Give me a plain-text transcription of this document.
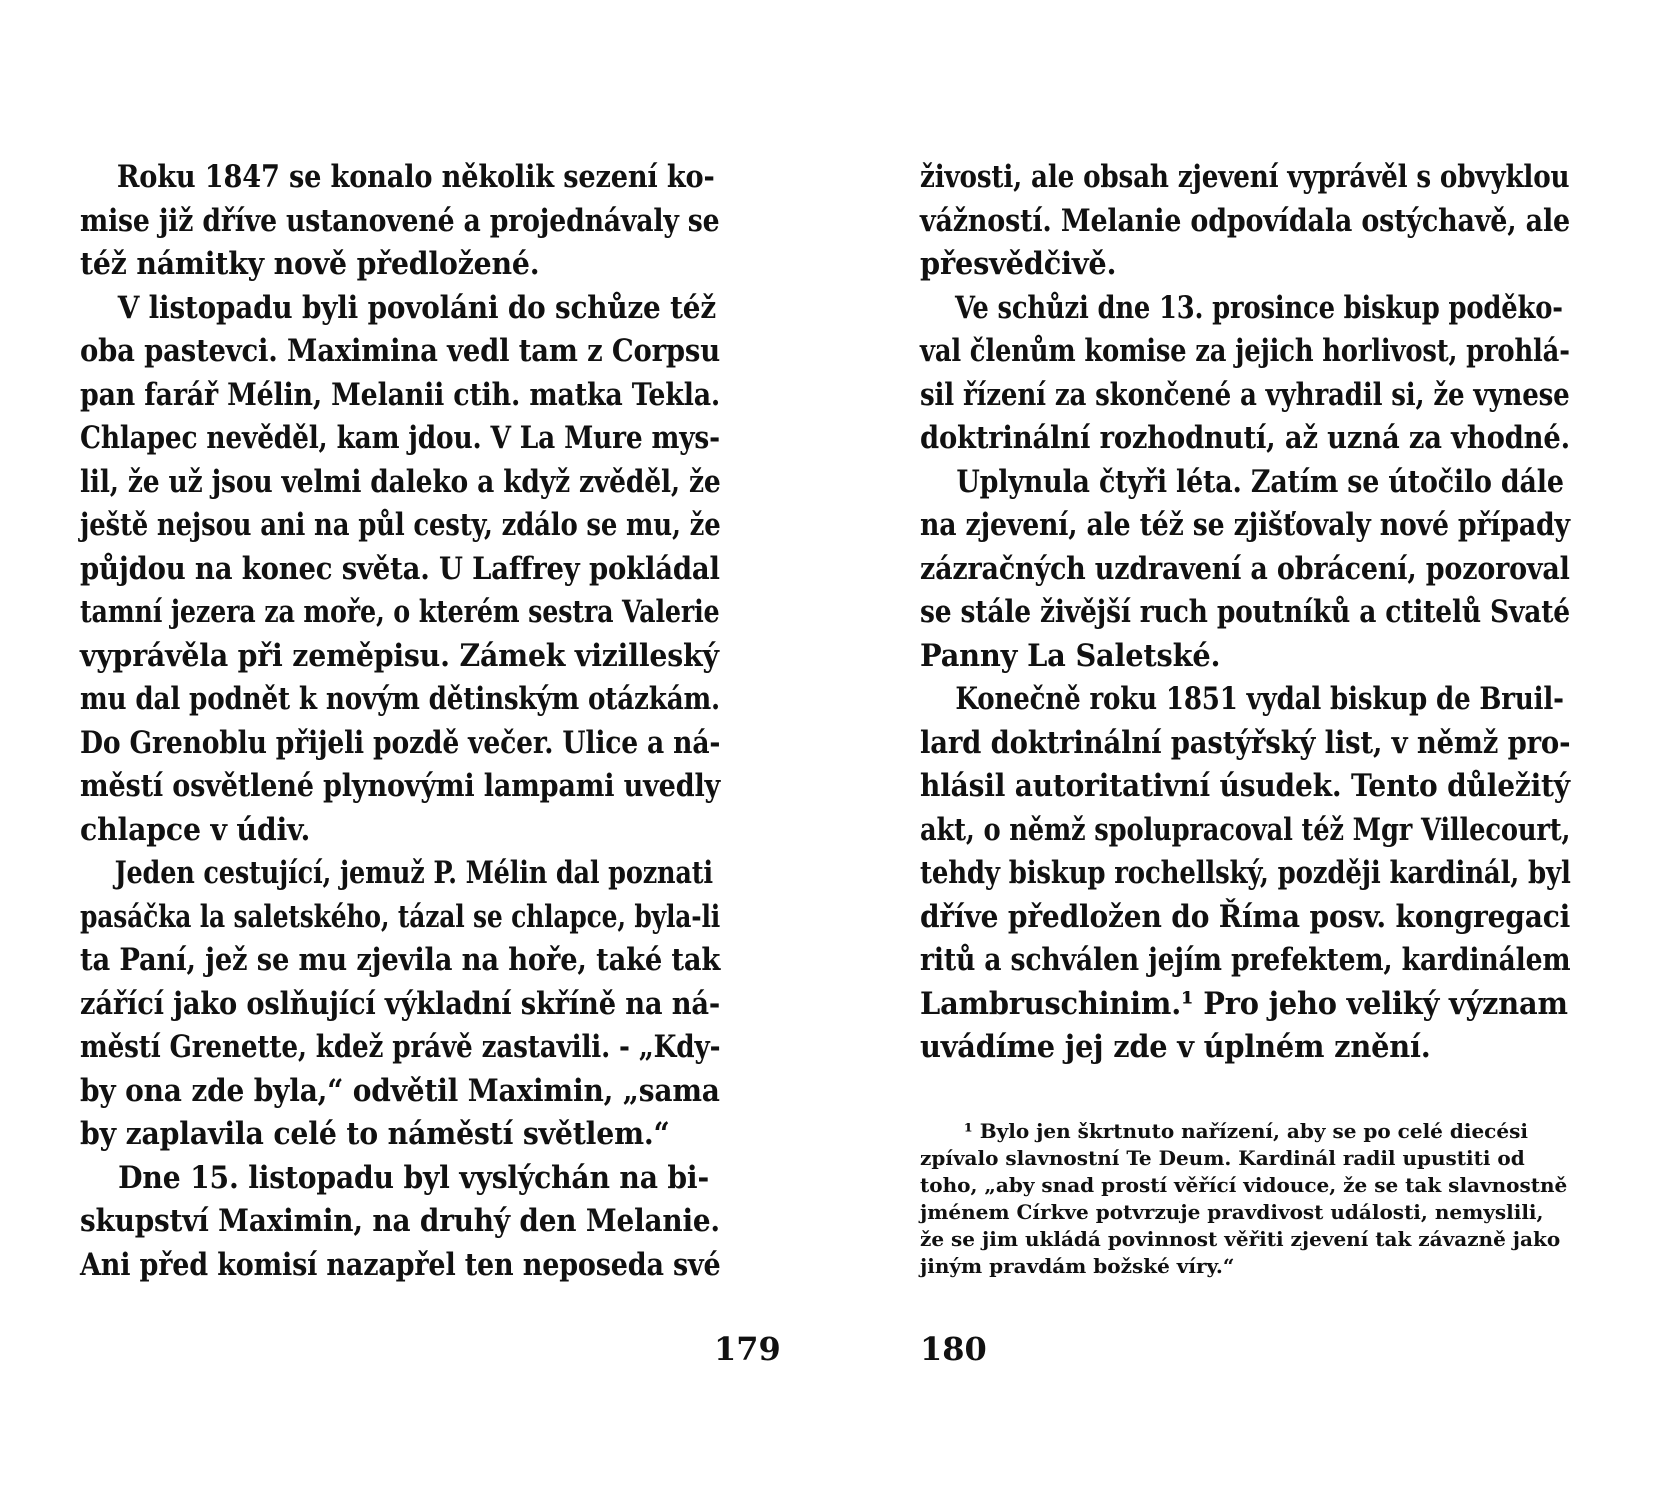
Roku 1847 se konalo několik sezení ko-
mise již dříve ustanovené a projednávaly se
též námitky nově předložené.
V listopadu byli povoláni do schůze též
oba pastevci. Maximina vedl tam z Corpsu
pan farář Mélin, Melanii ctih. matka Tekla.
Chlapec nevěděl, kam jdou. V La Mure mys-
lil, že už jsou velmi daleko a když zvěděl, že
ještě nejsou ani na půl cesty, zdálo se mu, že
půjdou na konec světa. U Laffrey pokládal
tamní jezera za moře, o kterém sestra Valerie
vyprávěla při zeměpisu. Zámek vizilleský
mu dal podnět k novým dětinským otázkám.
Do Grenoblu přijeli pozdě večer. Ulice a ná-
městí osvětlené plynovými lampami uvedly
chlapce v údiv.
Jeden cestující, jemuž P. Mélin dal poznati
pasáčka la saletského, tázal se chlapce, byla-li
ta Paní, jež se mu zjevila na hoře, také tak
zářící jako oslňující výkladní skříně na ná-
městí Grenette, kdež právě zastavili. - „Kdy-
by ona zde byla,“ odvětil Maximin, „sama
by zaplavila celé to náměstí světlem.“
Dne 15. listopadu byl vyslýchán na bi-
skupství Maximin, na druhý den Melanie.
Ani před komisí nazapřel ten neposeda své
živosti, ale obsah zjevení vyprávěl s obvyklou
vážností. Melanie odpovídala ostýchavě, ale
přesvědčivě.
Ve schůzi dne 13. prosince biskup poděko-
val členům komise za jejich horlivost, prohlá-
sil řízení za skončené a vyhradil si, že vynese
doktrinální rozhodnutí, až uzná za vhodné.
Uplynula čtyři léta. Zatím se útočilo dále
na zjevení, ale též se zjišťovaly nové případy
zázračných uzdravení a obrácení, pozoroval
se stále živější ruch poutníků a ctitelů Svaté
Panny La Saletské.
Konečně roku 1851 vydal biskup de Bruil-
lard doktrinální pastýřský list, v němž pro-
hlásil autoritativní úsudek. Tento důležitý
akt, o němž spolupracoval též Mgr Villecourt,
tehdy biskup rochellský, později kardinál, byl
dříve předložen do Říma posv. kongregaci
ritů a schválen jejím prefektem, kardinálem
Lambruschinim.¹ Pro jeho veliký význam
uvádíme jej zde v úplném znění.
¹ Bylo jen škrtnuto nařízení, aby se po celé diecési
zpívalo slavnostní Te Deum. Kardinál radil upustiti od
toho, „aby snad prostí věřící vidouce, že se tak slavnostně
jménem Církve potvrzuje pravdivost události, nemyslili,
že se jim ukládá povinnost věřiti zjevení tak závazně jako
jiným pravdám božské víry.“
179	180
